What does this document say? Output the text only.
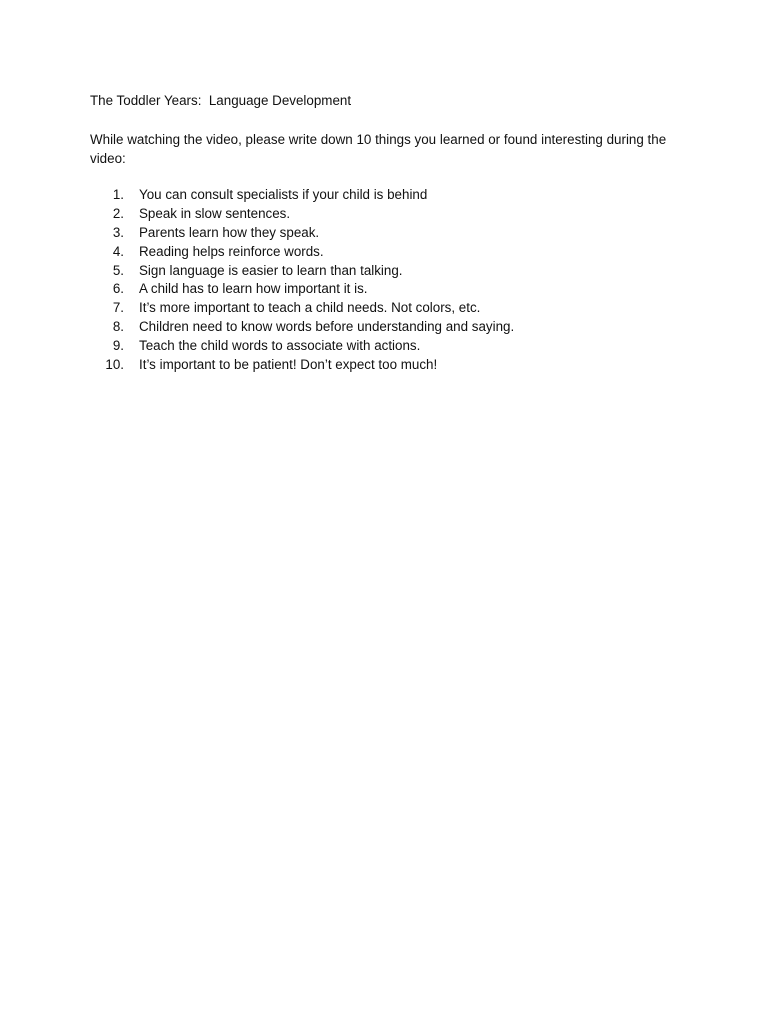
The Toddler Years:  Language Development
While watching the video, please write down 10 things you learned or found interesting during the video:
1.	You can consult specialists if your child is behind
2.	Speak in slow sentences.
3.	Parents learn how they speak.
4.	Reading helps reinforce words.
5.	Sign language is easier to learn than talking.
6.	A child has to learn how important it is.
7.	It’s more important to teach a child needs. Not colors, etc.
8.	Children need to know words before understanding and saying.
9.	Teach the child words to associate with actions.
10.	It’s important to be patient! Don’t expect too much!
